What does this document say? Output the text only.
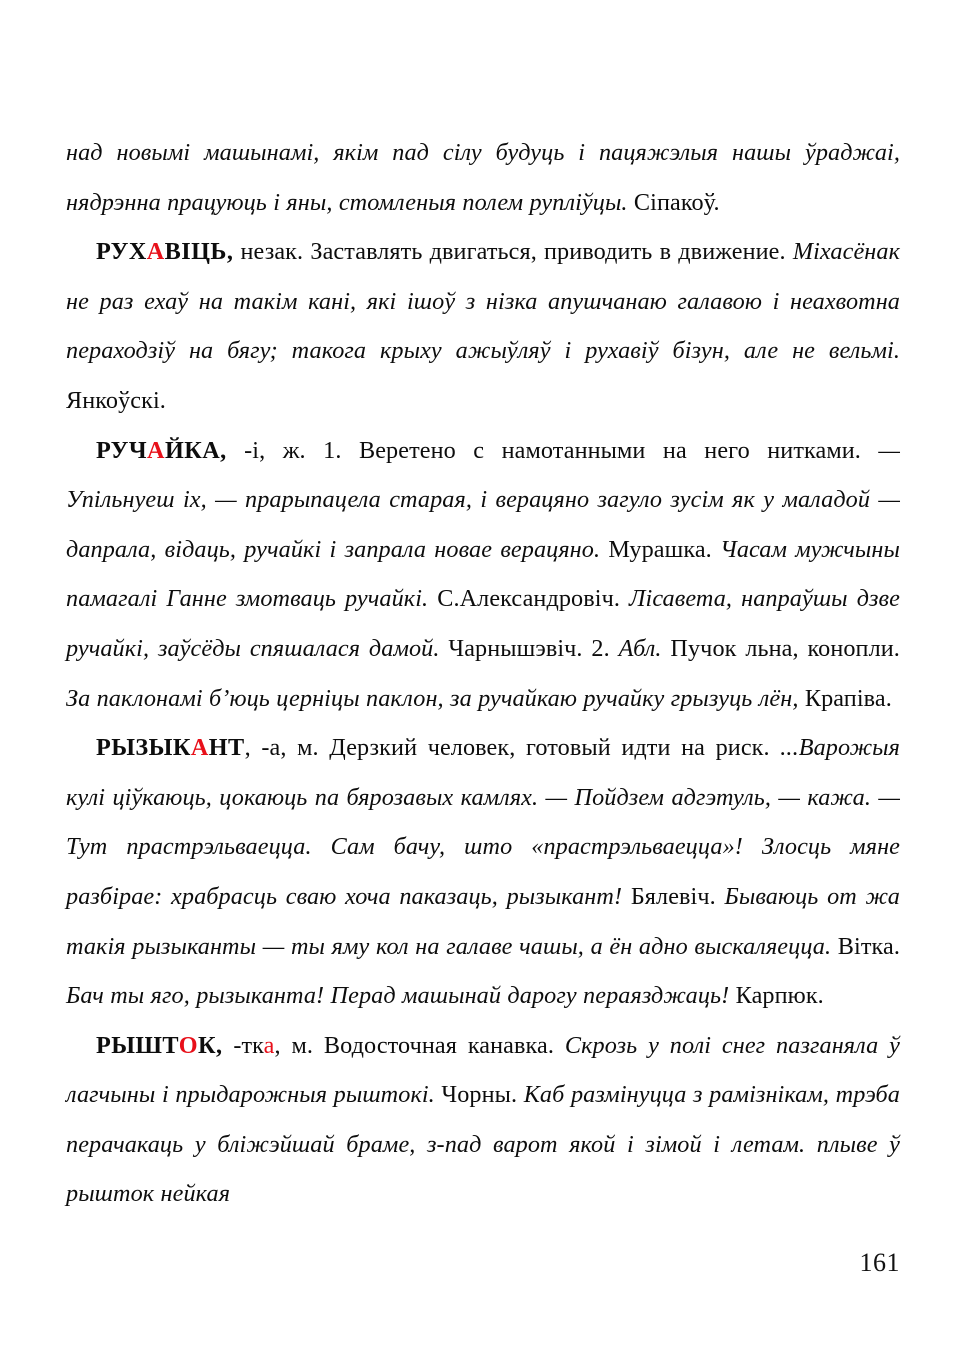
над новымі машынамі, якім пад сілу будуць і пацяжэлыя нашы ўраджаі, нядрэнна працуюць і яны, стомленыя полем рупліўцы. Сіпакоў.

РУХАВІЦЬ, незак. Заставлять двигаться, приводить в движение. Міхасёнак не раз ехаў на такім кані, які ішоў з нізка апушчанаю галавою і неахвотна пераходзіў на бягу; такога крыху ажыўляў і рухавіў бізун, але не вельмі. Янкоўскі.

РУЧАЙКА, -і, ж. 1. Веретено с намотанными на него нитками. — Упільнуеш іх, — прарыпацела старая, і верацяно загуло зусім як у маладой — дапрала, відаць, ручайкі і запрала новае верацяно. Мурашка. Часам мужчыны памагалі Ганне змотваць ручайкі. С.Александровіч. Лісавета, напраўшы дзве ручайкі, заўсёды спяшалася дамой. Чарнышэвіч. 2. Абл. Пучок льна, конопли. За паклонамі б’юць церніцы паклон, за ручайкаю ручайку грызуць лён, Крапіва.

РЫЗЫКАНТ, -а, м. Дерзкий человек, готовый идти на риск. ...Варожыя кулі ціўкаюць, цокаюць па бярозавых камлях. — Пойдзем адгэтуль, — кажа. — Тут прастрэльваецца. Сам бачу, што «прастрэльваецца»! Злосць мяне разбірае: храбрасць сваю хоча паказаць, рызыкант! Бялевіч. Бываюць от жа такія рызыканты — ты яму кол на галаве чашы, а ён адно выскаляецца. Вітка. Бач ты яго, рызыканта! Перад машынай дарогу пераязджаць! Карпюк.

РЫШТОК, -тка, м. Водосточная канавка. Скрозь у полі снег пазганяла ў лагчыны і прыдарожныя рыштокі. Чорны. Каб размінуцца з рамізнікам, трэба перачакаць у бліжэйшай браме, з-пад варот якой і зімой і летам. плыве ў рышток нейкая

161
